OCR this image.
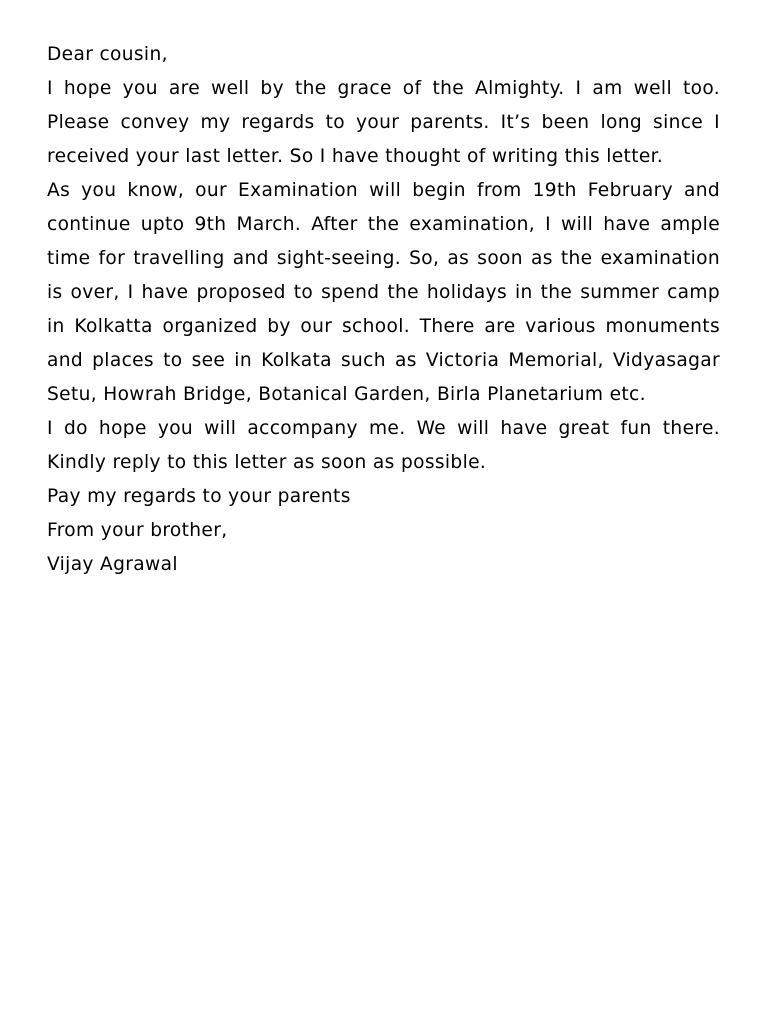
Dear cousin,

I hope you are well by the grace of the Almighty. I am well too. Please convey my regards to your parents. It’s been long since I received your last letter. So I have thought of writing this letter.

As you know, our Examination will begin from 19th February and continue upto 9th March. After the examination, I will have ample time for travelling and sight-seeing. So, as soon as the examination is over, I have proposed to spend the holidays in the summer camp in Kolkatta organized by our school. There are various monuments and places to see in Kolkata such as Victoria Memorial, Vidyasagar Setu, Howrah Bridge, Botanical Garden, Birla Planetarium etc.

I do hope you will accompany me. We will have great fun there. Kindly reply to this letter as soon as possible.

Pay my regards to your parents

From your brother,

Vijay Agrawal
